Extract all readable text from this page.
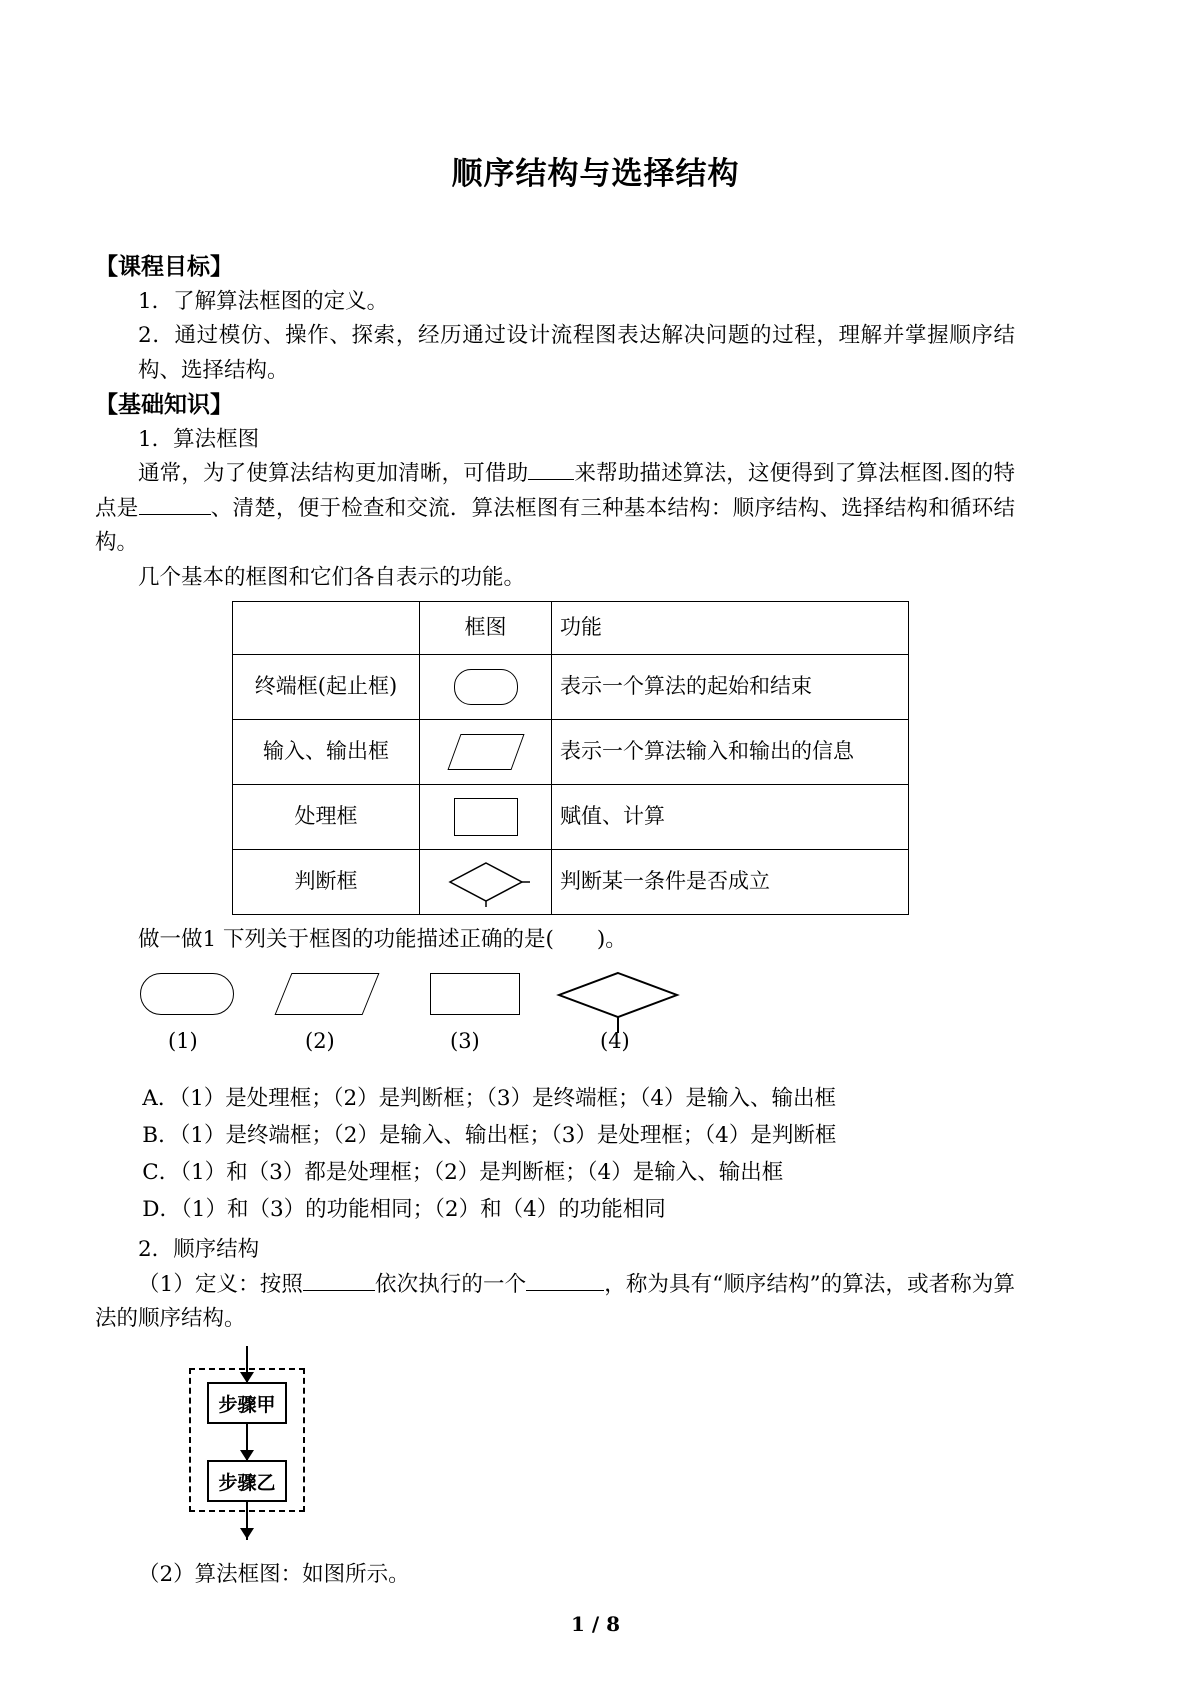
顺序结构与选择结构

【课程目标】

1．了解算法框图的定义。

2．通过模仿、操作、探索，经历通过设计流程图表达解决问题的过程，理解并掌握顺序结构、选择结构。

【基础知识】

1．算法框图

通常，为了使算法结构更加清晰，可借助 来帮助描述算法，这便得到了算法框图.图的特点是	、清楚，便于检查和交流．算法框图有三种基本结构：顺序结构、选择结构和循环结构。

几个基本的框图和它们各自表示的功能。

	框图	功能
终端框(起止框)		表示一个算法的起始和结束
输入、输出框		表示一个算法输入和输出的信息
处理框		赋值、计算
判断框		判断某一条件是否成立

做一做1 下列关于框图的功能描述正确的是(　　)。

(1)	(2)	(3)	(4)

A．（1）是处理框；（2）是判断框；（3）是终端框；（4）是输入、输出框

B．（1）是终端框；（2）是输入、输出框；（3）是处理框；（4）是判断框

C．（1）和（3）都是处理框；（2）是判断框；（4）是输入、输出框

D．（1）和（3）的功能相同；（2）和（4）的功能相同

2．顺序结构

（1）定义：按照	依次执行的一个	，称为具有“顺序结构”的算法，或者称为算法的顺序结构。

步骤甲
步骤乙

（2）算法框图：如图所示。

1 / 8
